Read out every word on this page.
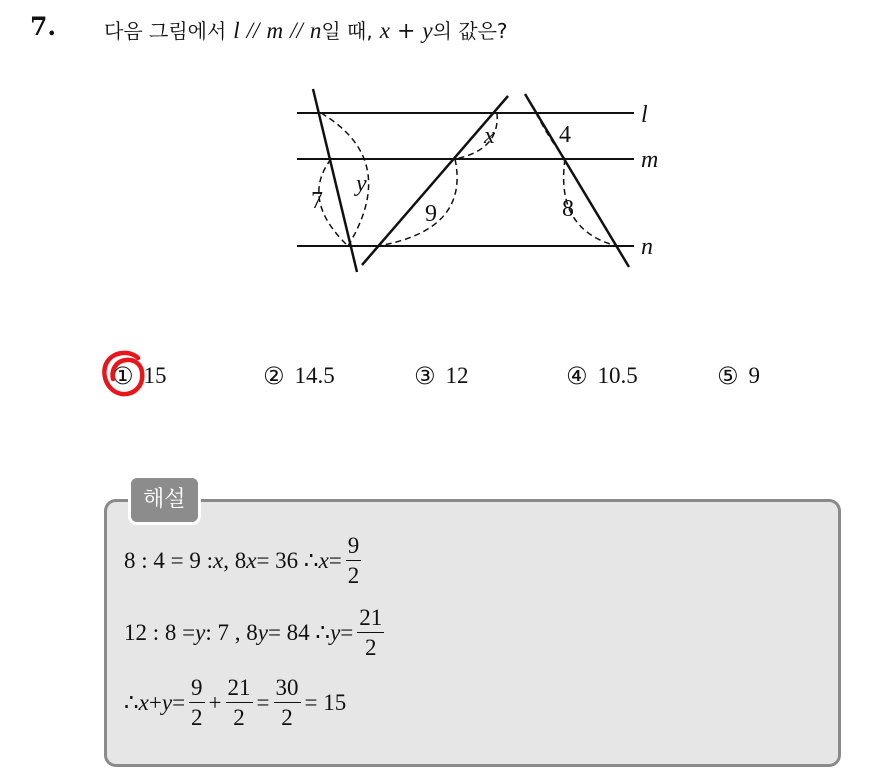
7. 다음 그림에서 l // m // n일 때, x + y의 값은?
l
m
n
7
y
x
9
4
8
① 15	② 14.5	③ 12	④ 10.5	⑤ 9
해설
8 : 4 = 9 : x , 8 x = 36 ∴ $x = \frac{9}{2}$
12 : 8 = y : 7 , 8 y = 84 ∴ $y = \frac{21}{2}$
∴ $x + y = \frac{9}{2} + \frac{21}{2} = \frac{30}{2} = 15$
